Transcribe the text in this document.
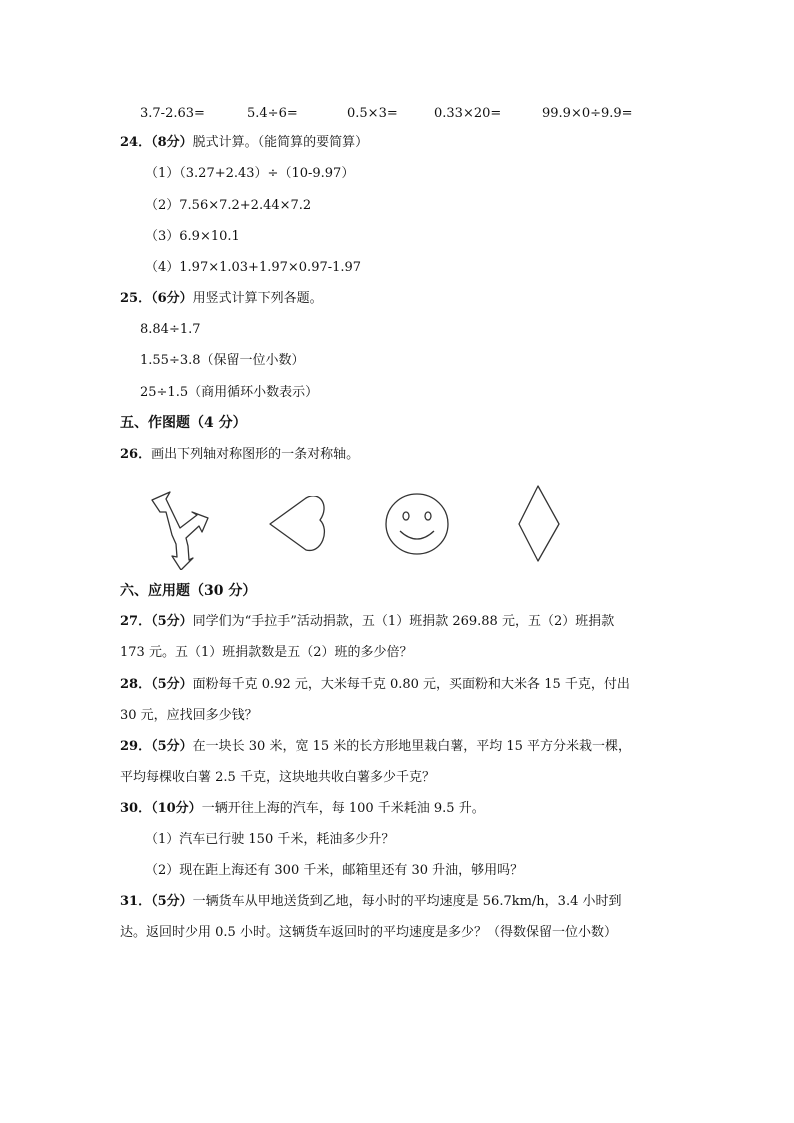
3.7-2.63=	5.4÷6=	0.5×3=	0.33×20=	99.9×0÷9.9=
24．（8分）脱式计算。（能简算的要简算）
（1）（3.27+2.43）÷（10-9.97）
（2）7.56×7.2+2.44×7.2
（3）6.9×10.1
（4）1.97×1.03+1.97×0.97-1.97
25．（6分）用竖式计算下列各题。
8.84÷1.7
1.55÷3.8（保留一位小数）
25÷1.5（商用循环小数表示）
五、作图题（4 分）
26．画出下列轴对称图形的一条对称轴。
六、应用题（30 分）
27．（5分）同学们为“手拉手”活动捐款，五（1）班捐款 269.88 元，五（2）班捐款
173 元。五（1）班捐款数是五（2）班的多少倍？
28．（5分）面粉每千克 0.92 元，大米每千克 0.80 元，买面粉和大米各 15 千克，付出
30 元，应找回多少钱？
29．（5分）在一块长 30 米，宽 15 米的长方形地里栽白薯，平均 15 平方分米栽一棵，
平均每棵收白薯 2.5 千克，这块地共收白薯多少千克？
30．（10分）一辆开往上海的汽车，每 100 千米耗油 9.5 升。
（1）汽车已行驶 150 千米，耗油多少升？
（2）现在距上海还有 300 千米，邮箱里还有 30 升油，够用吗？
31．（5分）一辆货车从甲地送货到乙地，每小时的平均速度是 56.7km/h，3.4 小时到
达。返回时少用 0.5 小时。这辆货车返回时的平均速度是多少？（得数保留一位小数）
